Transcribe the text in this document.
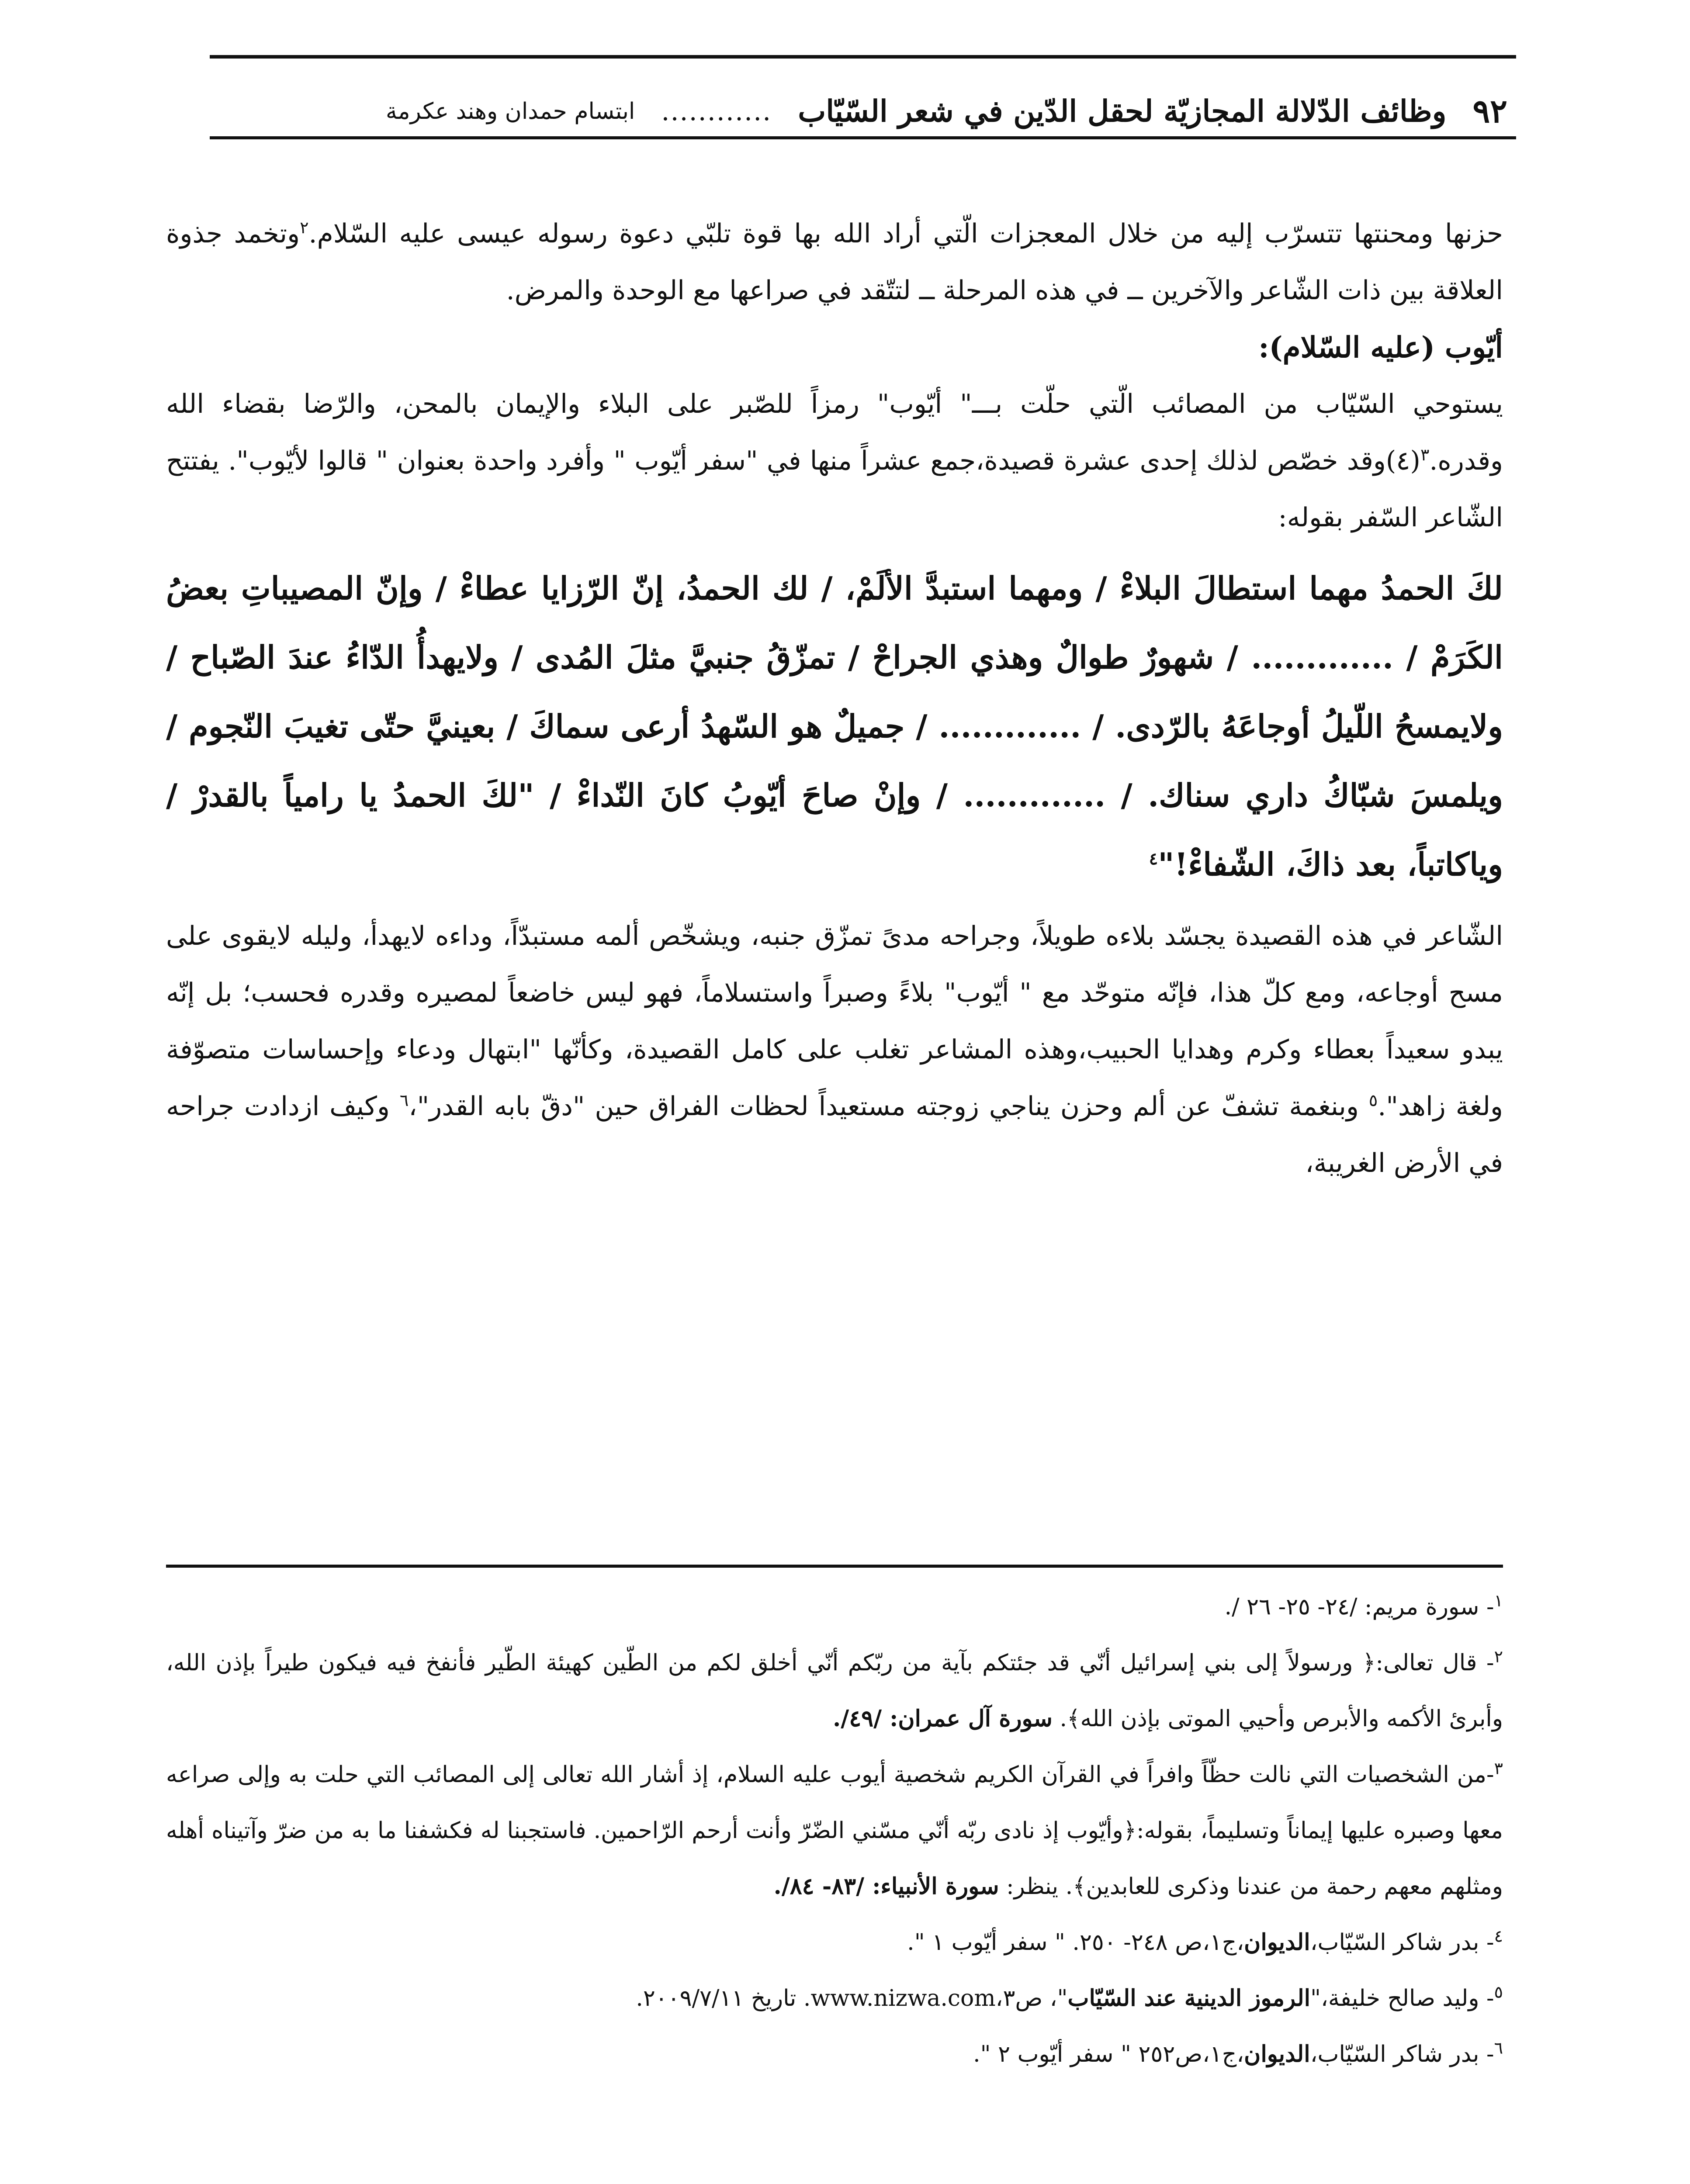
٩٢
وظائف الدّلالة المجازيّة لحقل الدّين في شعر السّيّاب
............
ابتسام حمدان وهند عكرمة

حزنها ومحنتها تتسرّب إليه من خلال المعجزات الّتي أراد الله بها قوة تلبّي دعوة رسوله عيسى عليه السّلام.$^٢$وتخمد جذوة العلاقة بين ذات الشّاعر والآخرين ــ في هذه المرحلة ــ لتتّقد في صراعها مع الوحدة والمرض.

أيّوب (عليه السّلام):

يستوحي السّيّاب من المصائب الّتي حلّت بـــ" أيّوب" رمزاً للصّبر على البلاء والإيمان بالمحن، والرّضا بقضاء الله وقدره.$^٣$(٤)وقد خصّص لذلك إحدى عشرة قصيدة،جمع عشراً منها في "سفر أيّوب " وأفرد واحدة بعنوان " قالوا لأيّوب". يفتتح الشّاعر السّفر بقوله:

لكَ الحمدُ مهما استطالَ البلاءْ / ومهما استبدَّ الألَمْ، / لك الحمدُ، إنّ الرّزايا عطاءْ / وإنّ المصيباتِ بعضُ الكَرَمْ / ............. / شهورٌ طوالٌ وهذي الجراحْ / تمزّقُ جنبيَّ مثلَ المُدى / ولايهدأُ الدّاءُ عندَ الصّباح / ولايمسحُ اللّيلُ أوجاعَهُ بالرّدى. / ............. / جميلٌ هو السّهدُ أرعى سماكَ / بعينيَّ حتّى تغيبَ النّجوم / ويلمسَ شبّاكُ داري سناك. / ............. / وإنْ صاحَ أيّوبُ كانَ النّداءْ / "لكَ الحمدُ يا رامياً بالقدرْ / وياكاتباً، بعد ذاكَ، الشّفاءْ!"$^٤$

الشّاعر في هذه القصيدة يجسّد بلاءه طويلاً، وجراحه مدىً تمزّق جنبه، ويشخّص ألمه مستبدّاً، وداءه لايهدأ، وليله لايقوى على مسح أوجاعه، ومع كلّ هذا، فإنّه متوحّد مع " أيّوب" بلاءً وصبراً واستسلاماً، فهو ليس خاضعاً لمصيره وقدره فحسب؛ بل إنّه يبدو سعيداً بعطاء وكرم وهدايا الحبيب،وهذه المشاعر تغلب على كامل القصيدة، وكأنّها "ابتهال ودعاء وإحساسات متصوّفة ولغة زاهد".$^٥$ وبنغمة تشفّ عن ألم وحزن يناجي زوجته مستعيداً لحظات الفراق حين "دقّ بابه القدر"،$^٦$ وكيف ازدادت جراحه في الأرض الغريبة،

$^١$- سورة مريم: /٢٤- ٢٥- ٢٦ /.

$^٢$- قال تعالى:﴿ ورسولاً إلى بني إسرائيل أنّي قد جئتكم بآية من ربّكم أنّي أخلق لكم من الطّين كهيئة الطّير فأنفخ فيه فيكون طيراً بإذن الله، وأبرئ الأكمه والأبرص وأحيي الموتى بإذن الله﴾. سورة آل عمران: /٤٩/.

$^٣$-من الشخصيات التي نالت حظّاً وافراً في القرآن الكريم شخصية أيوب عليه السلام، إذ أشار الله تعالى إلى المصائب التي حلت به وإلى صراعه معها وصبره عليها إيماناً وتسليماً، بقوله:﴿وأيّوب إذ نادى ربّه أنّي مسّني الضّرّ وأنت أرحم الرّاحمين. فاستجبنا له فكشفنا ما به من ضرّ وآتيناه أهله ومثلهم معهم رحمة من عندنا وذكرى للعابدين﴾. ينظر: سورة الأنبياء: /٨٣- ٨٤/.

$^٤$- بدر شاكر السّيّاب،الديوان،ج١،ص ٢٤٨- ٢٥٠. " سفر أيّوب ١ ".

$^٥$- وليد صالح خليفة،"الرموز الدينية عند السّيّاب"، ص٣،www.nizwa.com. تاريخ ٢٠٠٩/٧/١١.

$^٦$- بدر شاكر السّيّاب،الديوان،ج١،ص٢٥٢ " سفر أيّوب ٢ ".
